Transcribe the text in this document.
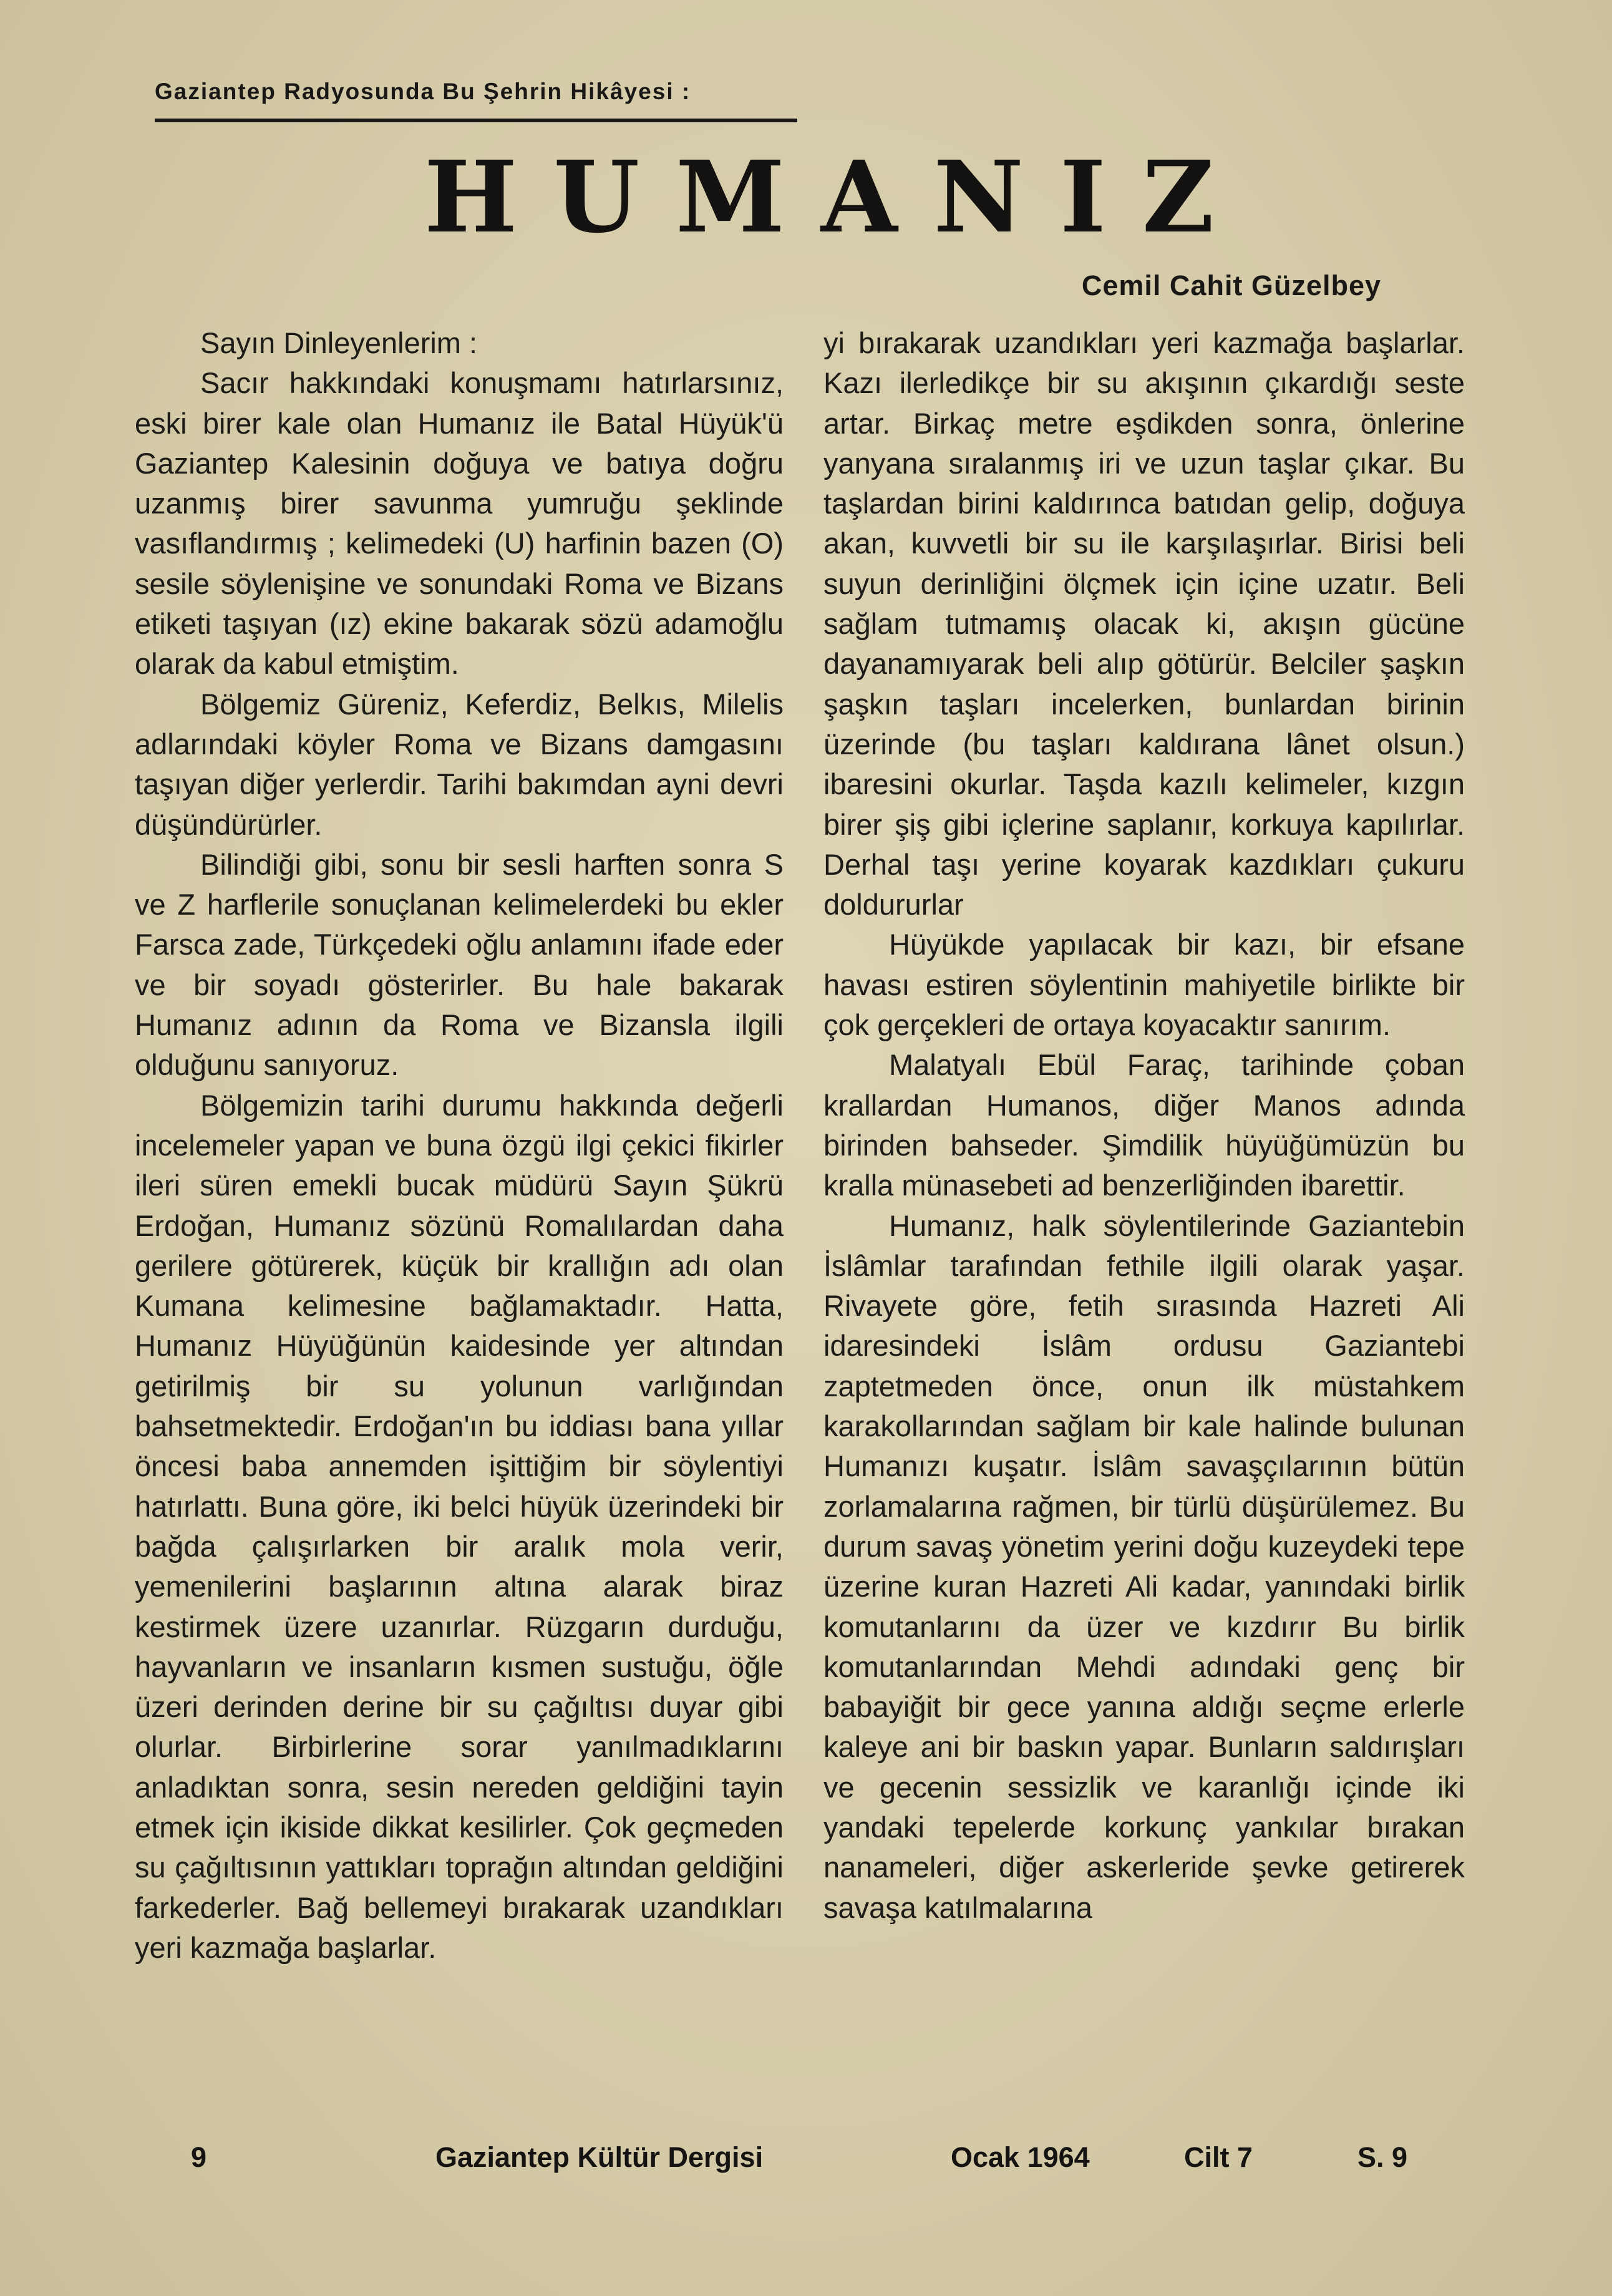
Gaziantep Radyosunda Bu Şehrin Hikâyesi :
HUMANIZ
Cemil Cahit Güzelbey

Sayın Dinleyenlerim :

Sacır hakkındaki konuşmamı hatırlarsınız, eski birer kale olan Humanız ile Batal Hüyük'ü Gaziantep Kalesinin doğuya ve batıya doğru uzanmış birer savunma yumruğu şeklinde vasıflandırmış ; kelimedeki (U) harfinin bazen (O) sesile söylenişine ve sonundaki Roma ve Bizans etiketi taşıyan (ız) ekine bakarak sözü adamoğlu olarak da kabul etmiştim.

Bölgemiz Güreniz, Keferdiz, Belkıs, Milelis adlarındaki köyler Roma ve Bizans damgasını taşıyan diğer yerlerdir. Tarihi bakımdan ayni devri düşündürürler.

Bilindiği gibi, sonu bir sesli harften sonra S ve Z harflerile sonuçlanan kelimelerdeki bu ekler Farsca zade, Türkçedeki oğlu anlamını ifade eder ve bir soyadı gösterirler. Bu hale bakarak Humanız adının da Roma ve Bizansla ilgili olduğunu sanıyoruz.

Bölgemizin tarihi durumu hakkında değerli incelemeler yapan ve buna özgü ilgi çekici fikirler ileri süren emekli bucak müdürü Sayın Şükrü Erdoğan, Humanız sözünü Romalılardan daha gerilere götürerek, küçük bir krallığın adı olan Kumana kelimesine bağlamaktadır. Hatta, Humanız Hüyüğünün kaidesinde yer altından getirilmiş bir su yolunun varlığından bahsetmektedir. Erdoğan'ın bu iddiası bana yıllar öncesi baba annemden işittiğim bir söylentiyi hatırlattı. Buna göre, iki belci hüyük üzerindeki bir bağda çalışırlarken bir aralık mola verir, yemenilerini başlarının altına alarak biraz kestirmek üzere uzanırlar. Rüzgarın durduğu, hayvanların ve insanların kısmen sustuğu, öğle üzeri derinden derine bir su çağıltısı duyar gibi olurlar. Birbirlerine sorar yanılmadıklarını anladıktan sonra, sesin nereden geldiğini tayin etmek için ikiside dikkat kesilirler. Çok geçmeden su çağıltısının yattıkları toprağın altından geldiğini farkederler. Bağ bellemeyi bırakarak uzandıkları yeri kazmağa başlarlar.

yi bırakarak uzandıkları yeri kazmağa başlarlar. Kazı ilerledikçe bir su akışının çıkardığı seste artar. Birkaç metre eşdikden sonra, önlerine yanyana sıralanmış iri ve uzun taşlar çıkar. Bu taşlardan birini kaldırınca batıdan gelip, doğuya akan, kuvvetli bir su ile karşılaşırlar. Birisi beli suyun derinliğini ölçmek için içine uzatır. Beli sağlam tutmamış olacak ki, akışın gücüne dayanamıyarak beli alıp götürür. Belciler şaşkın şaşkın taşları incelerken, bunlardan birinin üzerinde (bu taşları kaldırana lânet olsun.) ibaresini okurlar. Taşda kazılı kelimeler, kızgın birer şiş gibi içlerine saplanır, korkuya kapılırlar. Derhal taşı yerine koyarak kazdıkları çukuru doldururlar

Hüyükde yapılacak bir kazı, bir efsane havası estiren söylentinin mahiyetile birlikte bir çok gerçekleri de ortaya koyacaktır sanırım.

Malatyalı Ebül Faraç, tarihinde çoban krallardan Humanos, diğer Manos adında birinden bahseder. Şimdilik hüyüğümüzün bu kralla münasebeti ad benzerliğinden ibarettir.

Humanız, halk söylentilerinde Gaziantebin İslâmlar tarafından fethile ilgili olarak yaşar. Rivayete göre, fetih sırasında Hazreti Ali idaresindeki İslâm ordusu Gaziantebi zaptetmeden önce, onun ilk müstahkem karakollarından sağlam bir kale halinde bulunan Humanızı kuşatır. İslâm savaşçılarının bütün zorlamalarına rağmen, bir türlü düşürülemez. Bu durum savaş yönetim yerini doğu kuzeydeki tepe üzerine kuran Hazreti Ali kadar, yanındaki birlik komutanlarını da üzer ve kızdırır Bu birlik komutanlarından Mehdi adındaki genç bir babayiğit bir gece yanına aldığı seçme erlerle kaleye ani bir baskın yapar. Bunların saldırışları ve gecenin sessizlik ve karanlığı içinde iki yandaki tepelerde korkunç yankılar bırakan nanameleri, diğer askerleride şevke getirerek savaşa katılmalarına

9	Gaziantep Kültür Dergisi	Ocak 1964	Cilt 7	S. 9
